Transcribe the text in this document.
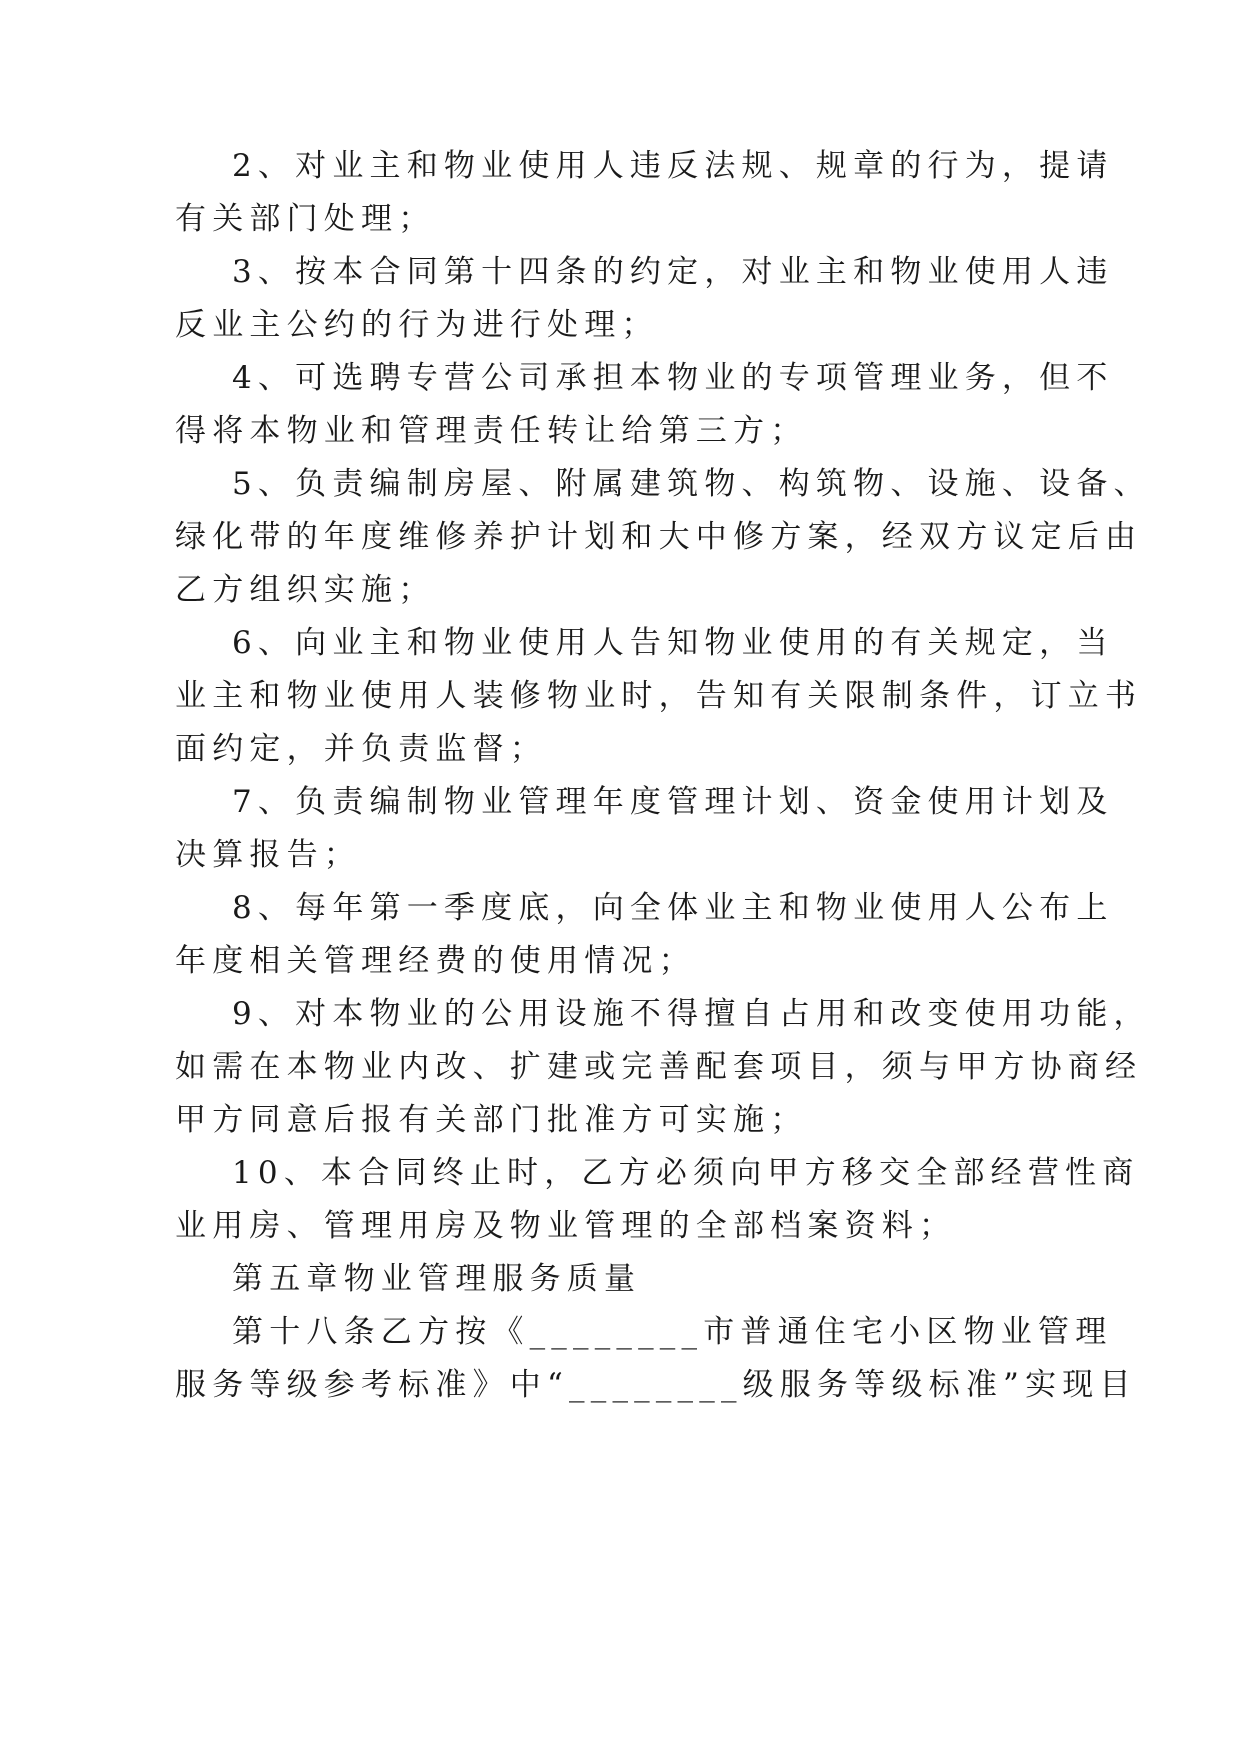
2、对业主和物业使用人违反法规、规章的行为，提请
有关部门处理；
3、按本合同第十四条的约定，对业主和物业使用人违
反业主公约的行为进行处理；
4、可选聘专营公司承担本物业的专项管理业务，但不
得将本物业和管理责任转让给第三方；
5、负责编制房屋、附属建筑物、构筑物、设施、设备、
绿化带的年度维修养护计划和大中修方案，经双方议定后由
乙方组织实施；
6、向业主和物业使用人告知物业使用的有关规定，当
业主和物业使用人装修物业时，告知有关限制条件，订立书
面约定，并负责监督；
7、负责编制物业管理年度管理计划、资金使用计划及
决算报告；
8、每年第一季度底，向全体业主和物业使用人公布上
年度相关管理经费的使用情况；
9、对本物业的公用设施不得擅自占用和改变使用功能，
如需在本物业内改、扩建或完善配套项目，须与甲方协商经
甲方同意后报有关部门批准方可实施；
10、本合同终止时，乙方必须向甲方移交全部经营性商
业用房、管理用房及物业管理的全部档案资料；
第五章物业管理服务质量
第十八条乙方按《________市普通住宅小区物业管理
服务等级参考标准》中“________级服务等级标准”实现目
